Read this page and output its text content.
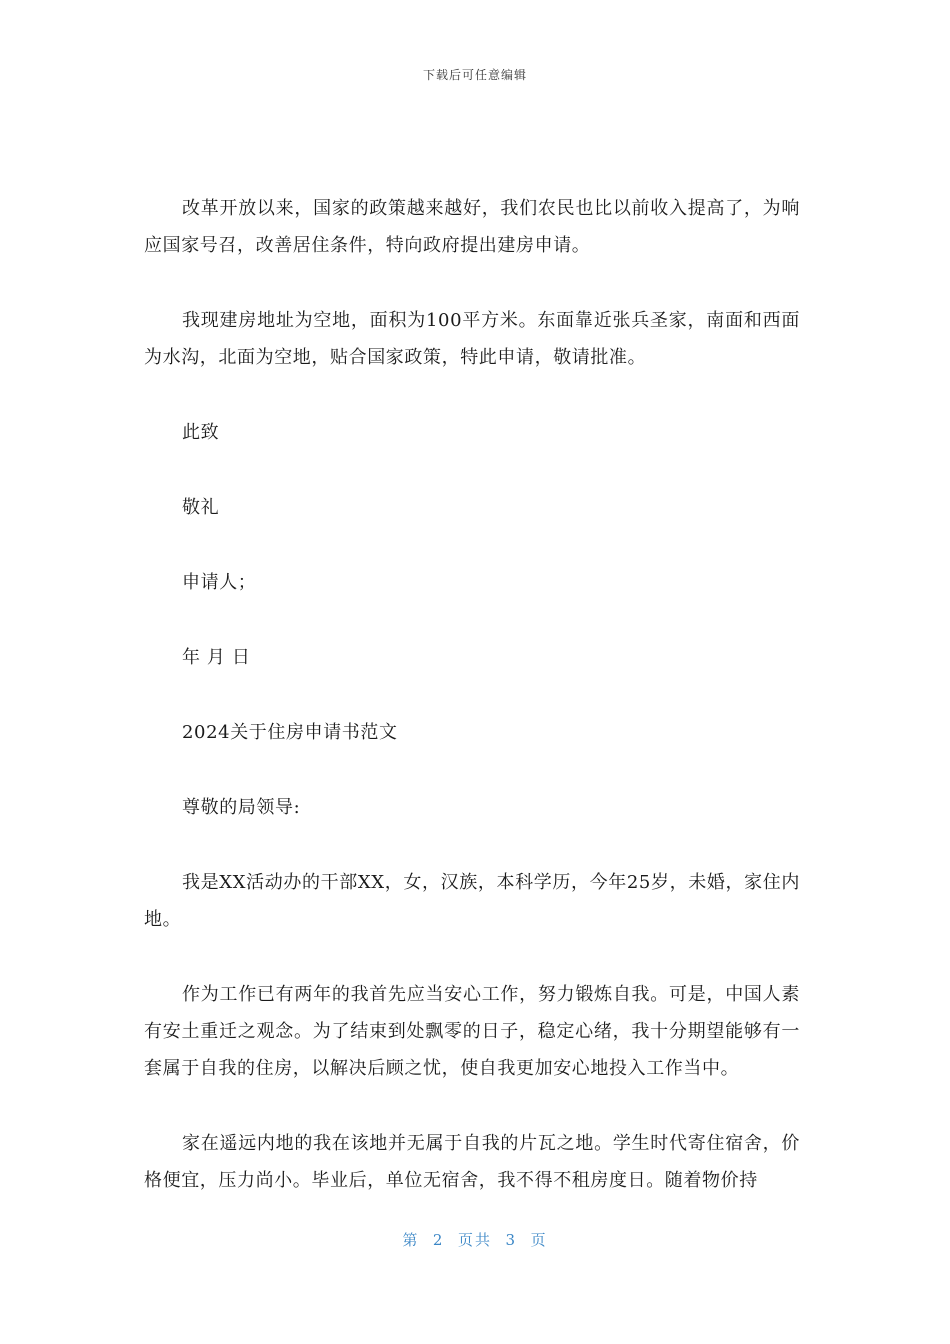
下载后可任意编辑

改革开放以来，国家的政策越来越好，我们农民也比以前收入提高了，为响应国家号召，改善居住条件，特向政府提出建房申请。

我现建房地址为空地，面积为100平方米。东面靠近张兵圣家，南面和西面为水沟，北面为空地，贴合国家政策，特此申请，敬请批准。

此致

敬礼

申请人；

年 月 日

2024关于住房申请书范文

尊敬的局领导:

我是XX活动办的干部XX，女，汉族，本科学历，今年25岁，未婚，家住内地。

作为工作已有两年的我首先应当安心工作，努力锻炼自我。可是，中国人素有安土重迁之观念。为了结束到处飘零的日子，稳定心绪，我十分期望能够有一套属于自我的住房，以解决后顾之忧，使自我更加安心地投入工作当中。

家在遥远内地的我在该地并无属于自我的片瓦之地。学生时代寄住宿舍，价格便宜，压力尚小。毕业后，单位无宿舍，我不得不租房度日。随着物价持

第  2  页共  3  页
